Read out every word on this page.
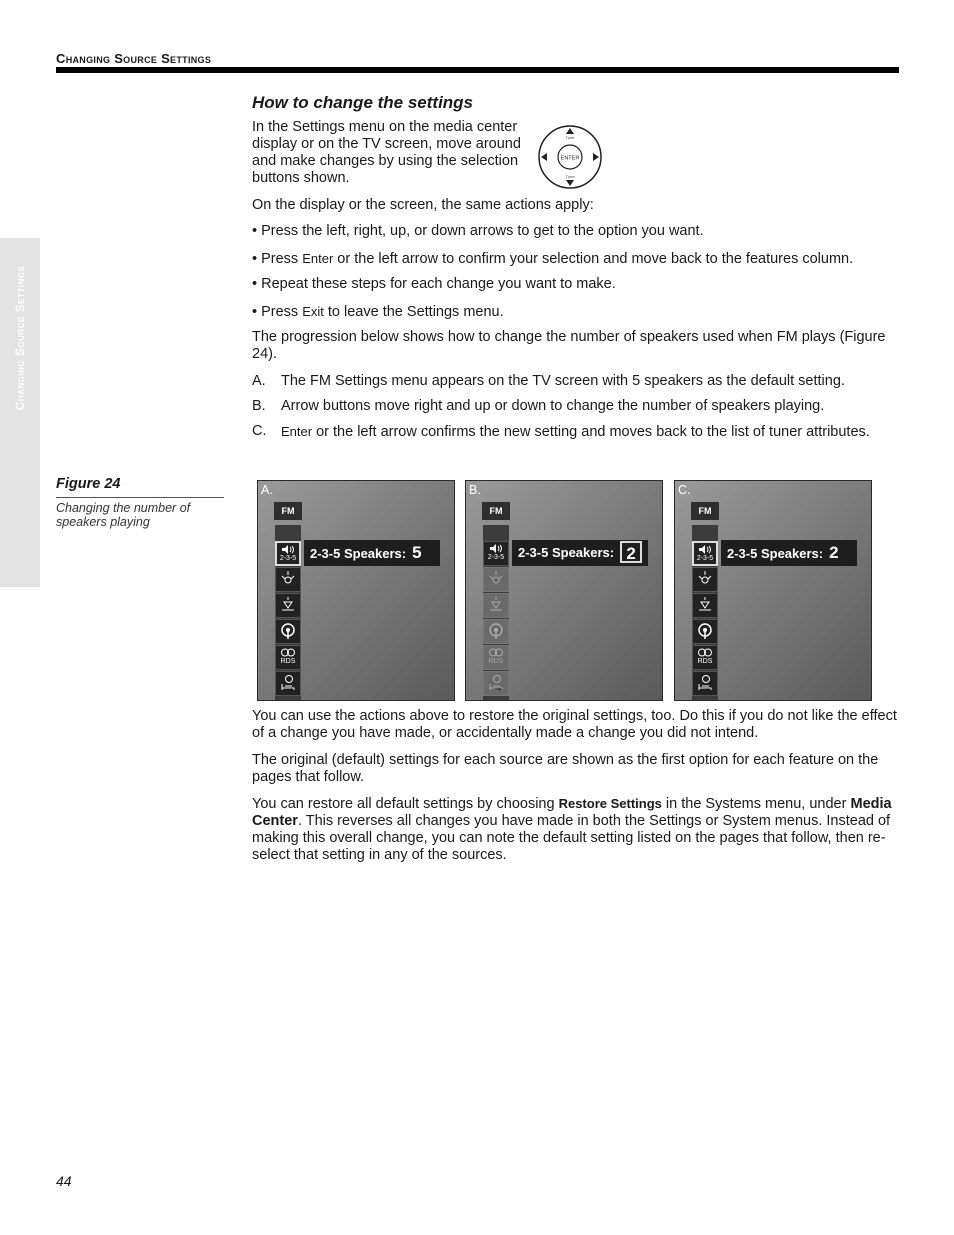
Changing Source Settings
Changing Source Settings
How to change the settings
In the Settings menu on the media center display or on the TV screen, move around and make changes by using the selection buttons shown.
ENTER
Tune
Tune
On the display or the screen, the same actions apply:
• Press the left, right, up, or down arrows to get to the option you want.
• Press Enter or the left arrow to confirm your selection and move back to the features column.
• Repeat these steps for each change you want to make.
• Press Exit to leave the Settings menu.
The progression below shows how to change the number of speakers used when FM plays (Figure 24).
A. The FM Settings menu appears on the TV screen with 5 speakers as the default setting.
B. Arrow buttons move right and up or down to change the number of speakers playing.
C. Enter or the left arrow confirms the new setting and moves back to the list of tuner attributes.
Figure 24
Changing the number of speakers playing
A.
FM
2-3-5
RDS
2-3-5 Speakers: 5
B.
FM
2-3-5
RDS
2-3-5 Speakers: 2
C.
FM
2-3-5
RDS
2-3-5 Speakers: 2
You can use the actions above to restore the original settings, too. Do this if you do not like the effect of a change you have made, or accidentally made a change you did not intend.
The original (default) settings for each source are shown as the first option for each feature on the pages that follow.
You can restore all default settings by choosing Restore Settings in the Systems menu, under Media Center. This reverses all changes you have made in both the Settings or System menus. Instead of making this overall change, you can note the default setting listed on the pages that follow, then re-select that setting in any of the sources.
44
